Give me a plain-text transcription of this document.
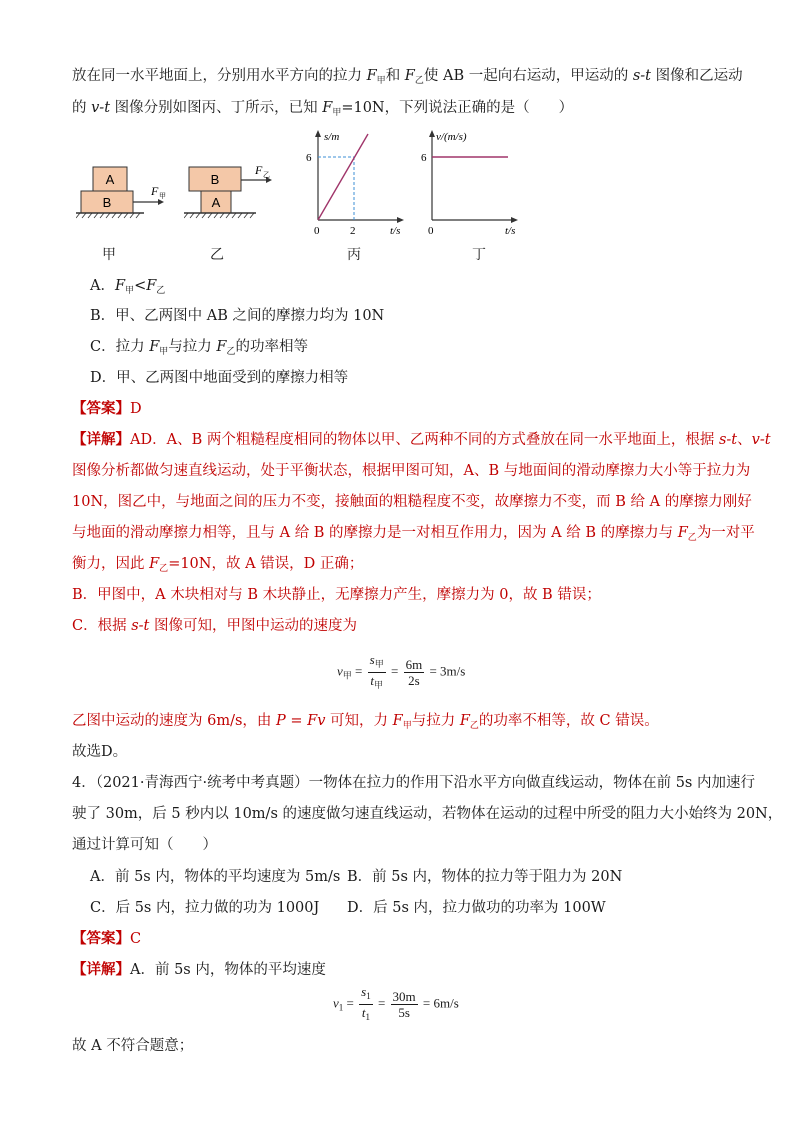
放在同一水平地面上，分别用水平方向的拉力 $F_甲$和 $F_乙$使 AB 一起向右运动，甲运动的 s-t 图像和乙运动
的 v-t 图像分别如图丙、丁所示，已知 $F_甲=10N$，下列说法正确的是（　　）
A
B
F 甲
甲
B
A
F 乙
乙
s/m
t/s
0
6
2
丙
v/(m/s)
t/s
0
6
丁
A．$F_甲<F_乙$
B．甲、乙两图中 AB 之间的摩擦力均为 10N
C．拉力 $F_甲$与拉力 $F_乙$的功率相等
D．甲、乙两图中地面受到的摩擦力相等
【答案】D
【详解】AD．A、B 两个粗糙程度相同的物体以甲、乙两种不同的方式叠放在同一水平地面上，根据 s-t、v-t
图像分析都做匀速直线运动，处于平衡状态，根据甲图可知，A、B 与地面间的滑动摩擦力大小等于拉力为
10N，图乙中，与地面之间的压力不变，接触面的粗糙程度不变，故摩擦力不变，而 B 给 A 的摩擦力刚好
与地面的滑动摩擦力相等，且与 A 给 B 的摩擦力是一对相互作用力，因为 A 给 B 的摩擦力与 $F_乙$为一对平
衡力，因此 $F_乙=10N$，故 A 错误，D 正确；
B．甲图中，A 木块相对与 B 木块静止，无摩擦力产生，摩擦力为 0，故 B 错误；
C．根据 s-t 图像可知，甲图中运动的速度为
$v_甲 = \frac{s_甲}{t_甲} = \frac{6m}{2s} = 3m/s$
乙图中运动的速度为 6m/s，由 P = Fv 可知，力 $F_甲$与拉力 $F_乙$的功率不相等，故 C 错误。
故选D。
4．（2021·青海西宁·统考中考真题）一物体在拉力的作用下沿水平方向做直线运动，物体在前 5s 内加速行
驶了 30m，后 5 秒内以 10m/s 的速度做匀速直线运动，若物体在运动的过程中所受的阻力大小始终为 20N，
通过计算可知（　　）
A．前 5s 内，物体的平均速度为 5m/s B．前 5s 内，物体的拉力等于阻力为 20N
C．后 5s 内，拉力做的功为 1000J D．后 5s 内，拉力做功的功率为 100W
【答案】C
【详解】A．前 5s 内，物体的平均速度
$v_1 = \frac{s_1}{t_1} = \frac{30m}{5s} = 6m/s$
故 A 不符合题意；
